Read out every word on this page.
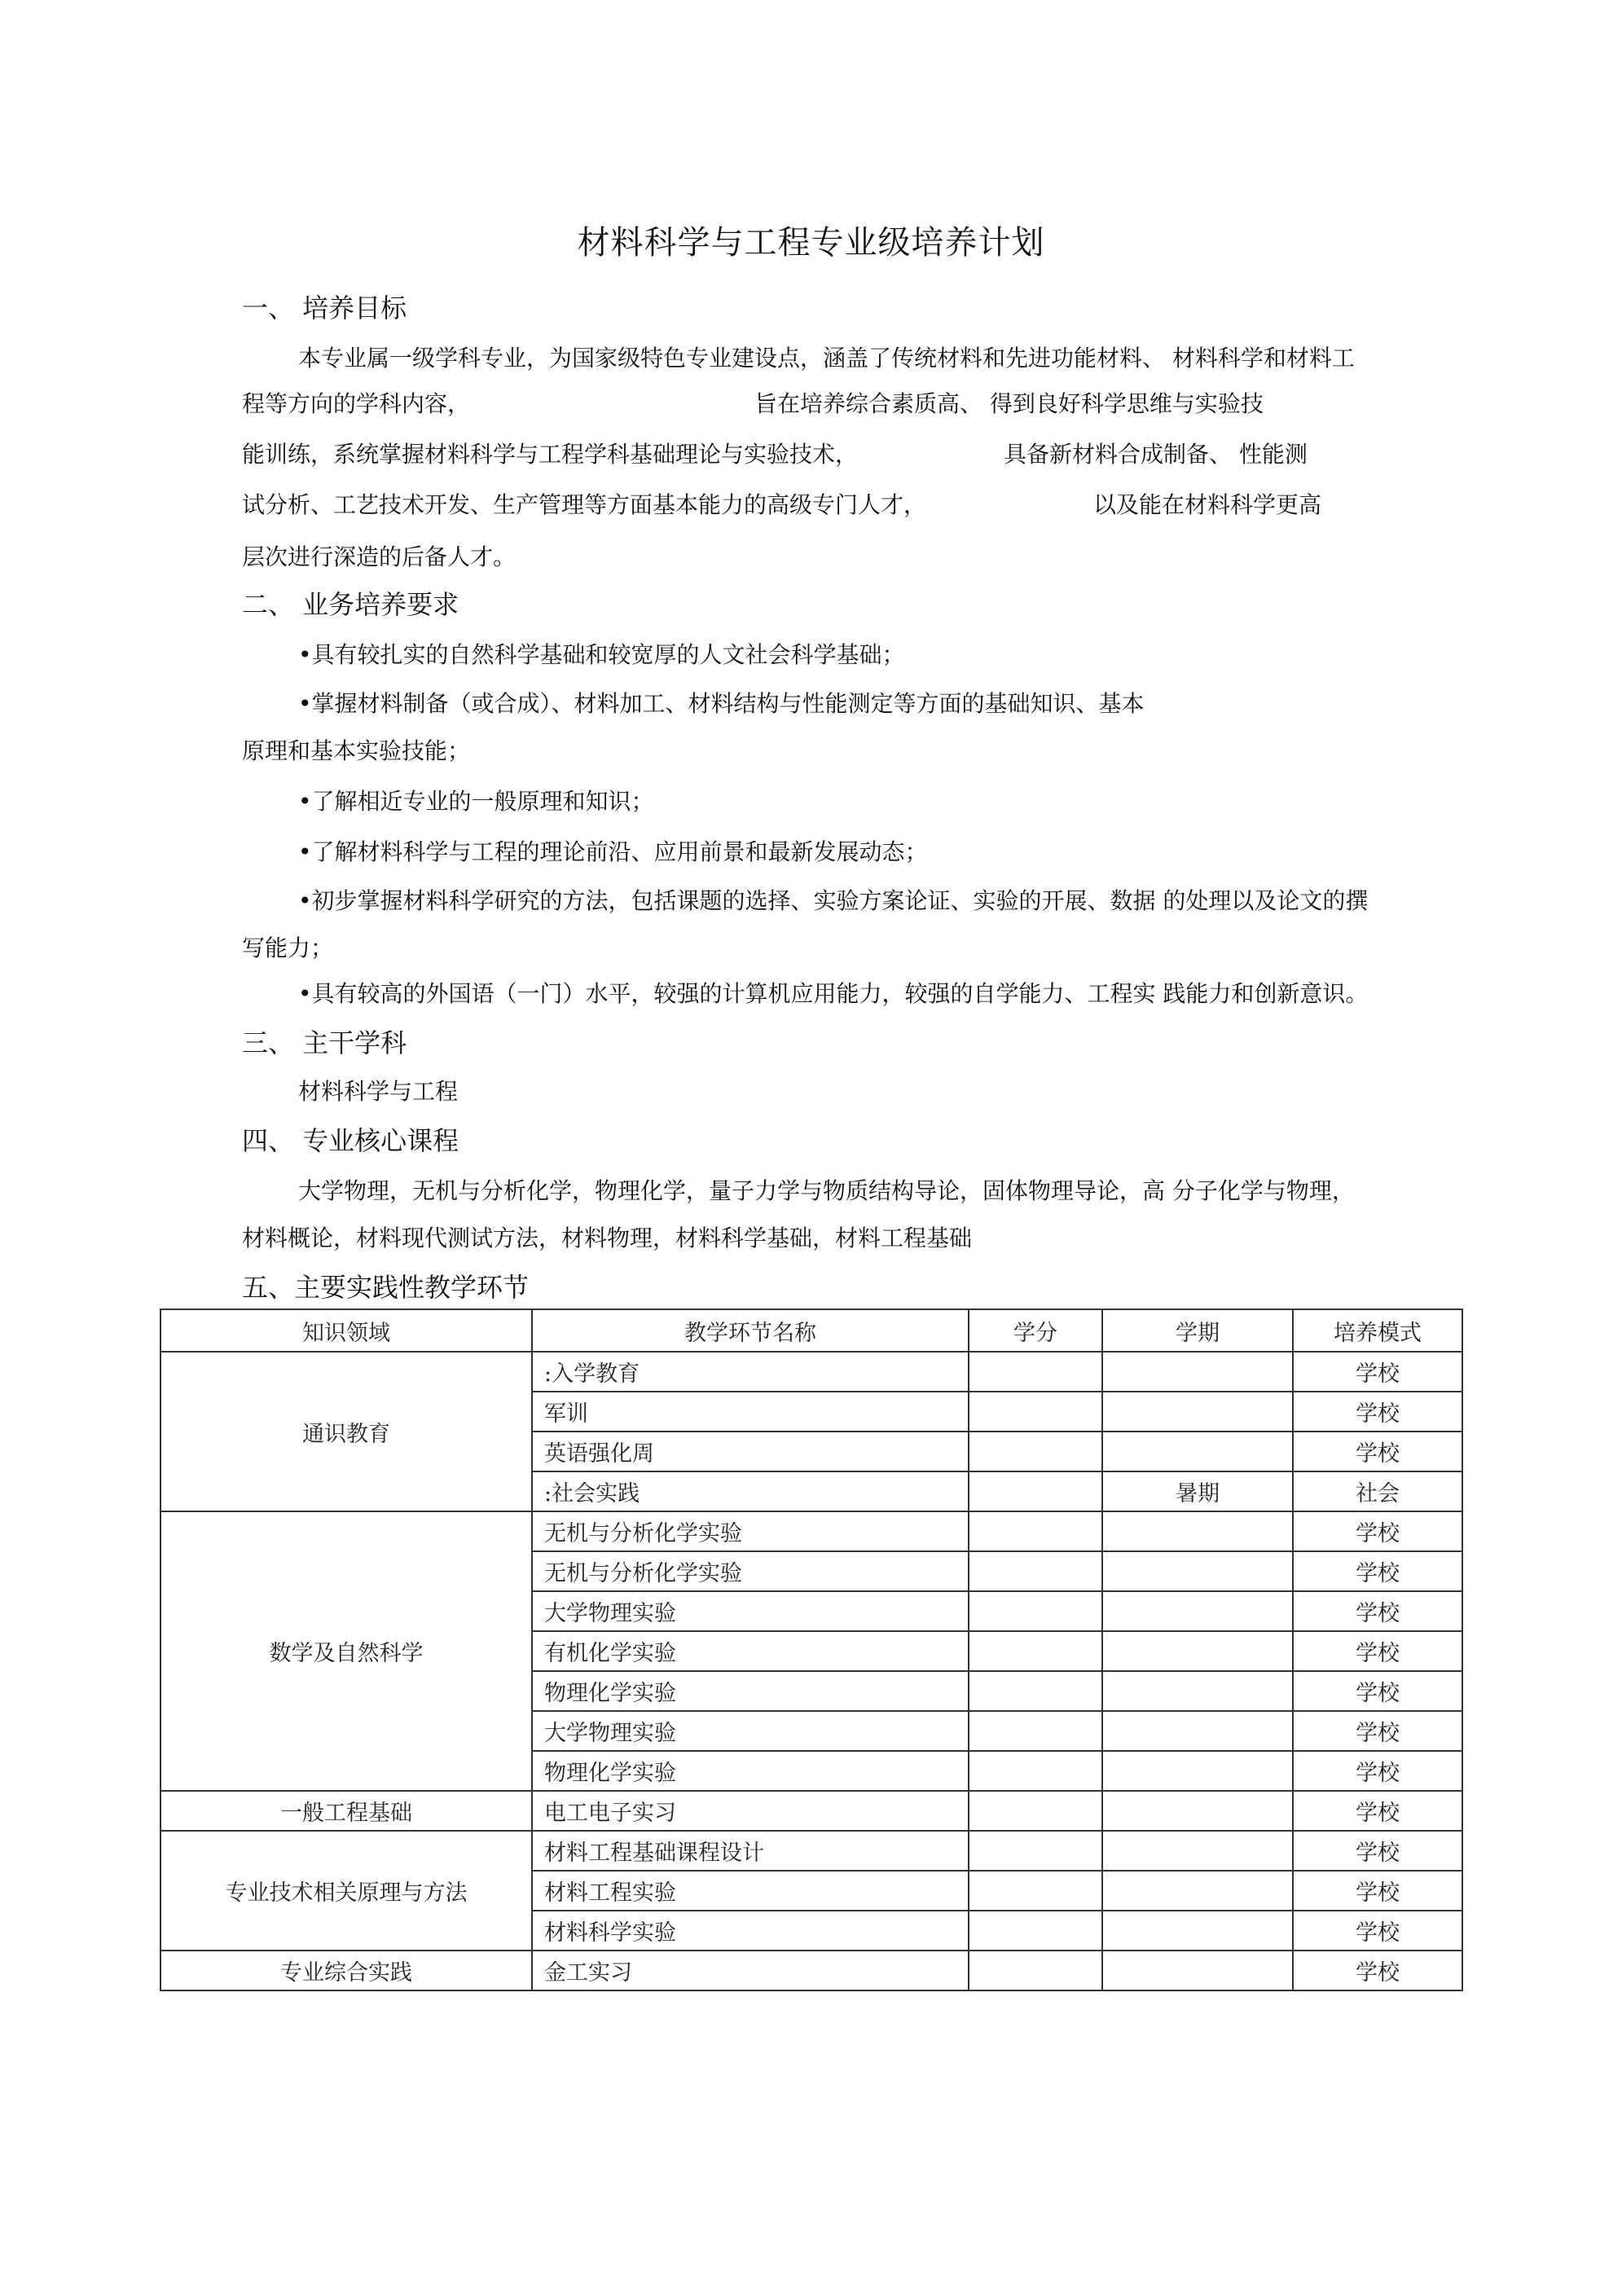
材料科学与工程专业级培养计划
一、 培养目标
本专业属一级学科专业，为国家级特色专业建设点，涵盖了传统材料和先进功能材料、 材料科学和材料工
程等方向的学科内容，	旨在培养综合素质高、 得到良好科学思维与实验技
能训练，系统掌握材料科学与工程学科基础理论与实验技术，	具备新材料合成制备、 性能测
试分析、工艺技术开发、生产管理等方面基本能力的高级专门人才，	以及能在材料科学更高
层次进行深造的后备人才。
二、 业务培养要求
•具有较扎实的自然科学基础和较宽厚的人文社会科学基础；
•掌握材料制备（或合成）、材料加工、材料结构与性能测定等方面的基础知识、基本
原理和基本实验技能；
•了解相近专业的一般原理和知识；
•了解材料科学与工程的理论前沿、应用前景和最新发展动态；
•初步掌握材料科学研究的方法，包括课题的选择、实验方案论证、实验的开展、数据 的处理以及论文的撰
写能力；
•具有较高的外国语（一门）水平，较强的计算机应用能力，较强的自学能力、工程实 践能力和创新意识。
三、 主干学科
材料科学与工程
四、 专业核心课程
大学物理，无机与分析化学，物理化学，量子力学与物质结构导论，固体物理导论，高 分子化学与物理，
材料概论，材料现代测试方法，材料物理，材料科学基础，材料工程基础
五、主要实践性教学环节
知识领域	教学环节名称	学分	学期	培养模式
通识教育	:入学教育			学校
	军训			学校
	英语强化周			学校
	:社会实践		暑期	社会
数学及自然科学	无机与分析化学实验			学校
	无机与分析化学实验			学校
	大学物理实验			学校
	有机化学实验			学校
	物理化学实验			学校
	大学物理实验			学校
	物理化学实验			学校
一般工程基础	电工电子实习			学校
专业技术相关原理与方法	材料工程基础课程设计			学校
	材料工程实验			学校
	材料科学实验			学校
专业综合实践	金工实习			学校
